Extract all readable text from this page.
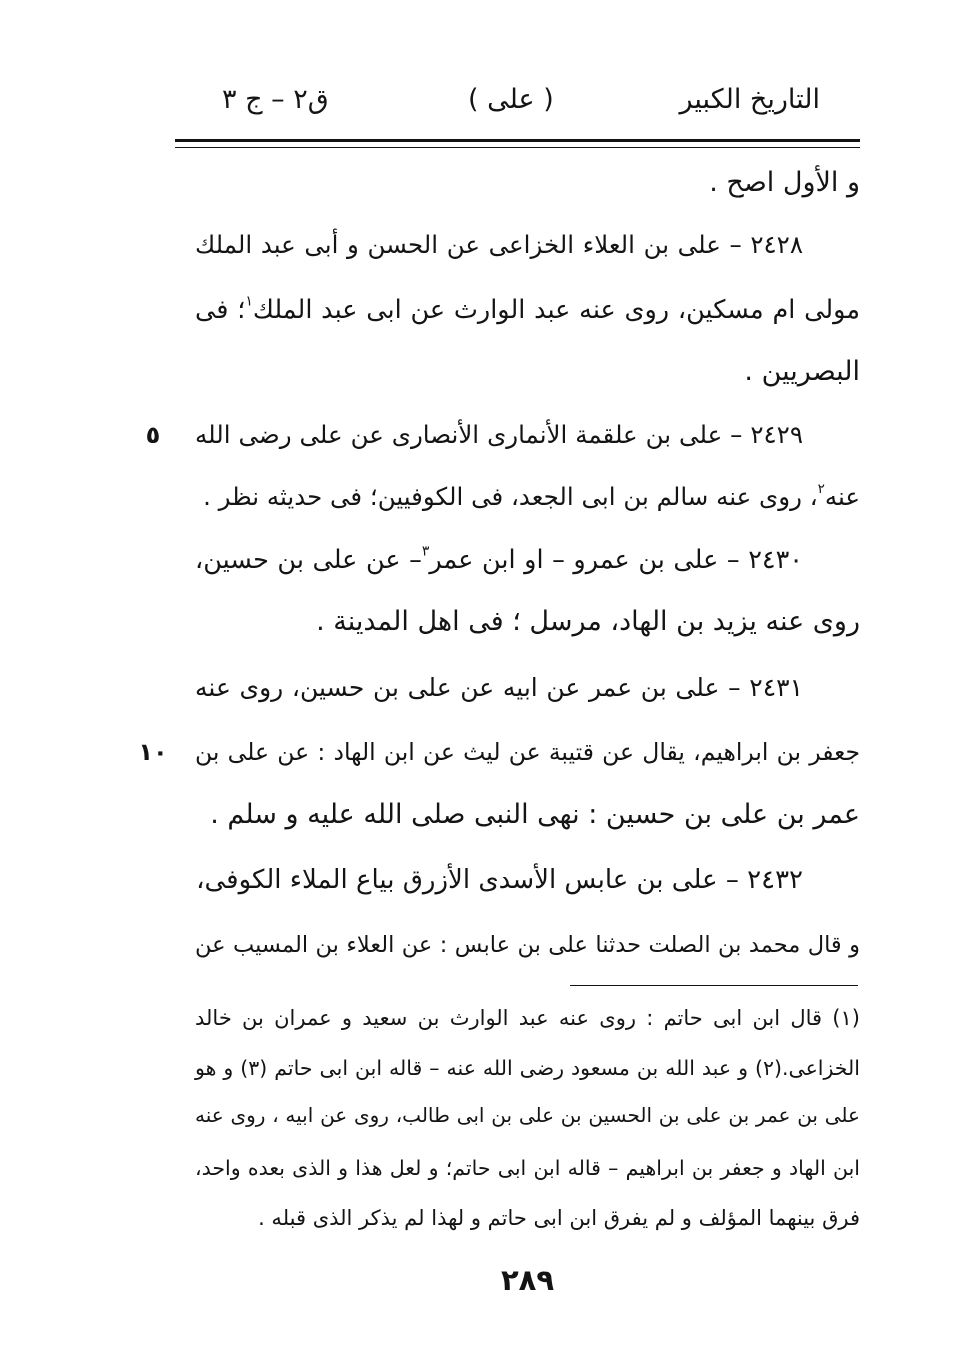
التاريخ الكبير
( على )
ق٢ – ج ٣
و الأول اصح .
٢٤٢٨ – على بن العلاء الخزاعى عن الحسن و أبى عبد الملك
مولى ام مسكين، روى عنه عبد الوارث عن ابى عبد الملك$^١$؛ فى
البصريين .
٢٤٢٩ – على بن علقمة الأنمارى الأنصارى عن على رضى الله
عنه$^٢$، روى عنه سالم بن ابى الجعد، فى الكوفيين؛ فى حديثه نظر .
٢٤٣٠ – على بن عمرو – او ابن عمر$^٣$– عن على بن حسين،
روى عنه يزيد بن الهاد، مرسل ؛ فى اهل المدينة .
٢٤٣١ – على بن عمر عن ابيه عن على بن حسين، روى عنه
جعفر بن ابراهيم، يقال عن قتيبة عن ليث عن ابن الهاد : عن على بن
عمر بن على بن حسين : نهى النبى صلى الله عليه و سلم .
٢٤٣٢ – على بن عابس الأسدى الأزرق بياع الملاء الكوفى،
و قال محمد بن الصلت حدثنا على بن عابس : عن العلاء بن المسيب عن
٥
١٠
(١) قال ابن ابى حاتم : روى عنه عبد الوارث بن سعيد و عمران بن خالد
الخزاعى.(٢) و عبد الله بن مسعود رضى الله عنه – قاله ابن ابى حاتم (٣) و هو
على بن عمر بن على بن الحسين بن على بن ابى طالب، روى عن ابيه ، روى عنه
ابن الهاد و جعفر بن ابراهيم – قاله ابن ابى حاتم؛ و لعل هذا و الذى بعده واحد،
فرق بينهما المؤلف و لم يفرق ابن ابى حاتم و لهذا لم يذكر الذى قبله .
٢٨٩
